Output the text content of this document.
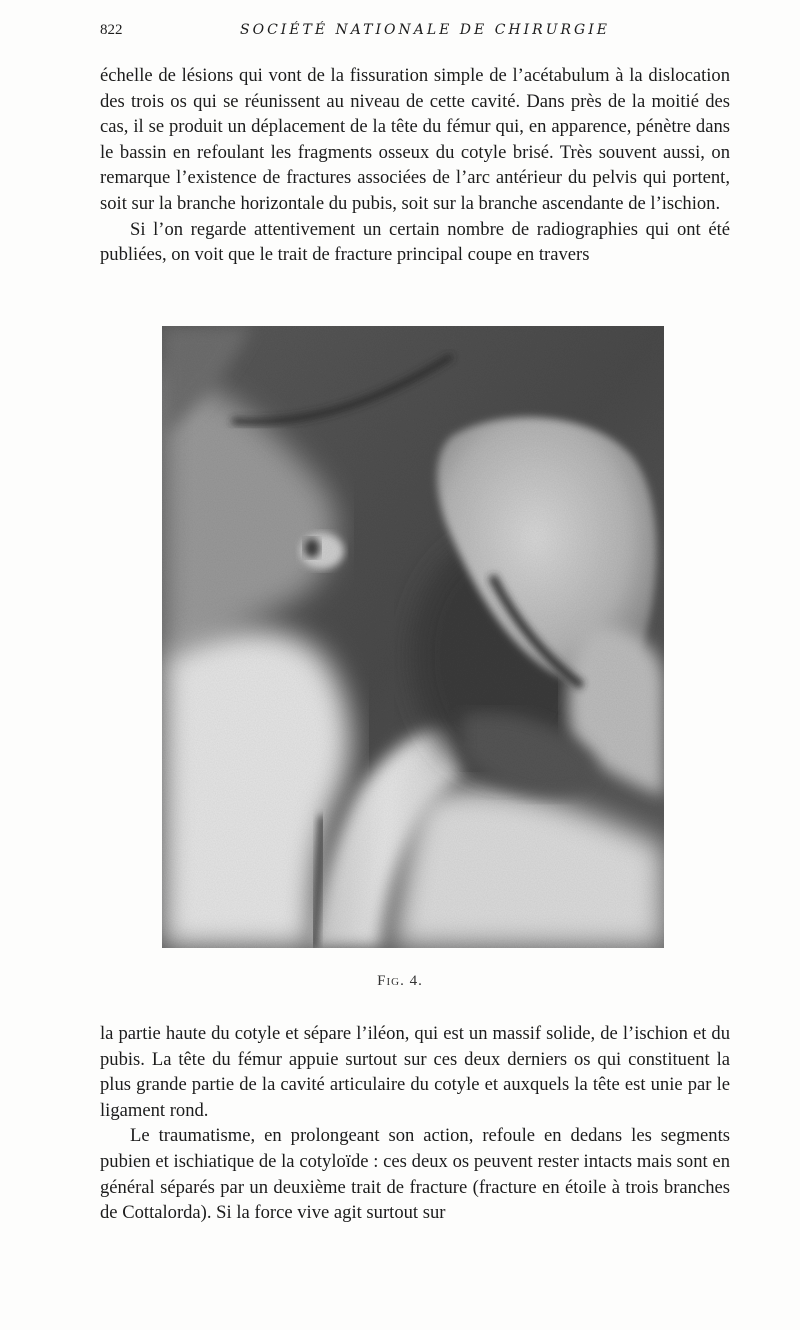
822	SOCIÉTÉ NATIONALE DE CHIRURGIE

échelle de lésions qui vont de la fissuration simple de l’acétabulum à la dislocation des trois os qui se réunissent au niveau de cette cavité. Dans près de la moitié des cas, il se produit un déplacement de la tête du fémur qui, en apparence, pénètre dans le bassin en refoulant les fragments osseux du cotyle brisé. Très souvent aussi, on remarque l’existence de fractures associées de l’arc antérieur du pelvis qui portent, soit sur la branche horizontale du pubis, soit sur la branche ascendante de l’ischion.

Si l’on regarde attentivement un certain nombre de radiographies qui ont été publiées, on voit que le trait de fracture principal coupe en travers

Fig. 4.

la partie haute du cotyle et sépare l’iléon, qui est un massif solide, de l’ischion et du pubis. La tête du fémur appuie surtout sur ces deux derniers os qui constituent la plus grande partie de la cavité articulaire du cotyle et auxquels la tête est unie par le ligament rond.

Le traumatisme, en prolongeant son action, refoule en dedans les segments pubien et ischiatique de la cotyloïde : ces deux os peuvent rester intacts mais sont en général séparés par un deuxième trait de fracture (fracture en étoile à trois branches de Cottalorda). Si la force vive agit surtout sur
